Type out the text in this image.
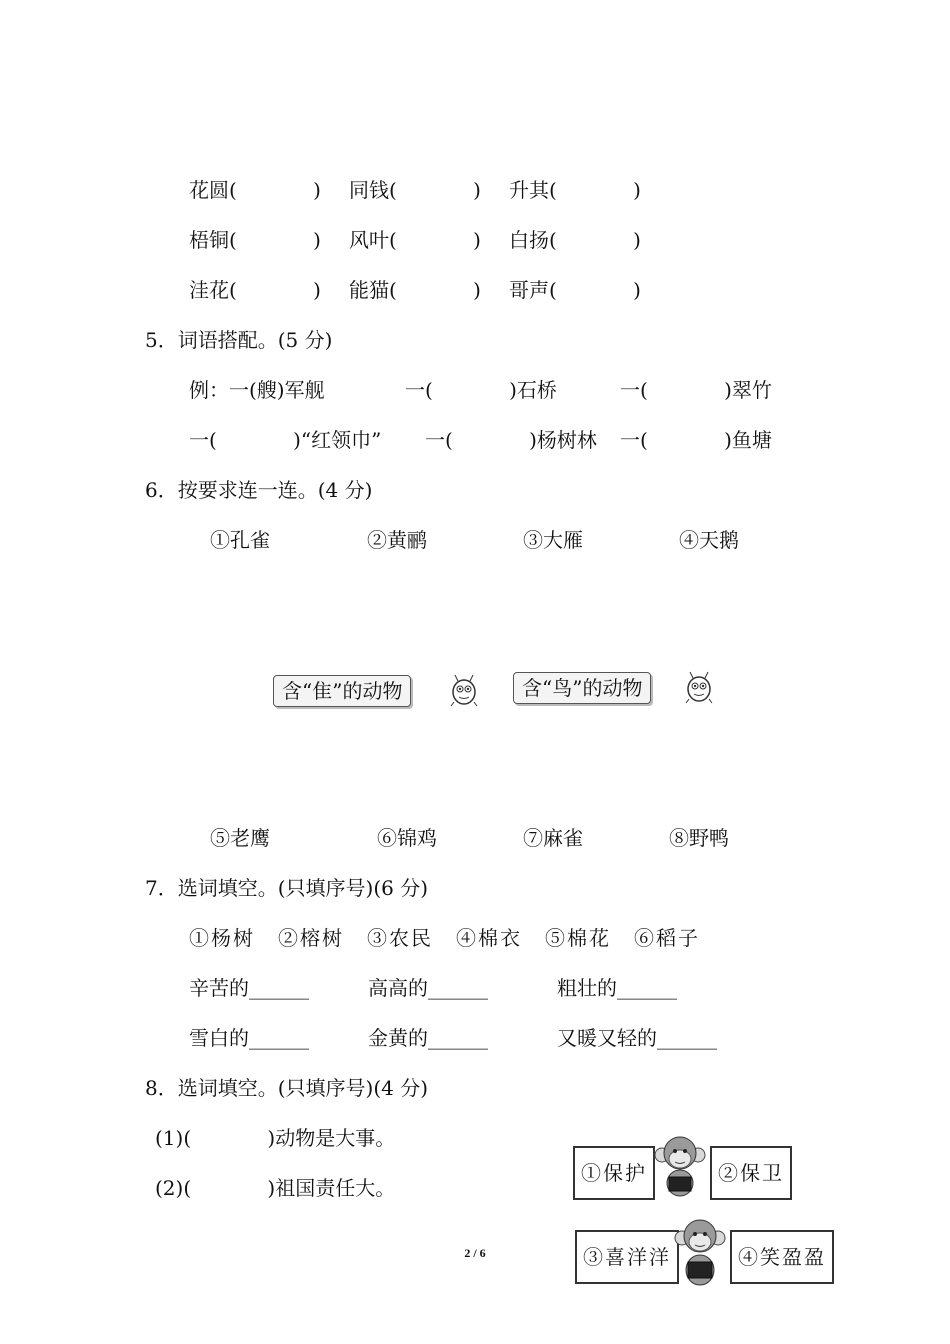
花圆(            ) 同钱(            ) 升其(            )
梧铜(            ) 风叶(            ) 白扬(            )
洼花(            ) 能猫(            ) 哥声(            )
5．词语搭配。(5 分)
例：一(艘)军舰	一(            )石桥	一(            )翠竹
一(            )“红领巾” 一(            )杨树林 一(            )鱼塘
6．按要求连一连。(4 分)
①孔雀	②黄鹂	③大雁	④天鹅
含“隹”的动物	含“鸟”的动物
⑤老鹰	⑥锦鸡	⑦麻雀	⑧野鸭
7．选词填空。(只填序号)(6 分)
①杨树 ②榕树 ③农民 ④棉衣 ⑤棉花 ⑥稻子
辛苦的______	高高的______	粗壮的______
雪白的______	金黄的______	又暖又轻的______
8．选词填空。(只填序号)(4 分)
(1)(            )动物是大事。
(2)(            )祖国责任大。
①保护	②保卫
③喜洋洋	④笑盈盈
2 / 6
